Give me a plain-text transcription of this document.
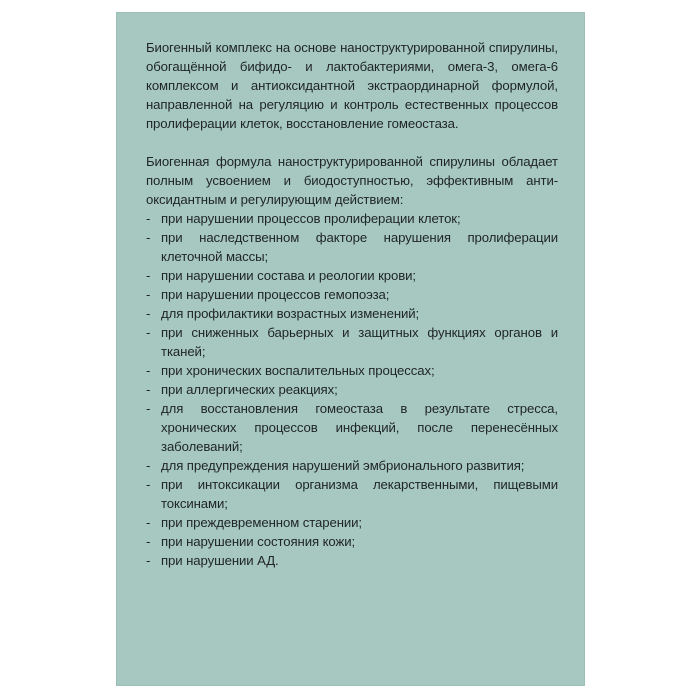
Биогенный комплекс на основе наноструктурированной спирулины, обогащённой бифидо- и лактобактериями, омега-3, омега-6 комплексом и антиоксидантной экстраординарной формулой, направленной на регуляцию и контроль естественных процессов пролиферации клеток, восстановление гомеостаза.

Биогенная формула наноструктурированной спирулины обладает полным усвоением и биодоступностью, эффективным анти-оксидантным и регулирующим действием:

- при нарушении процессов пролиферации клеток;
- при наследственном факторе нарушения пролиферации клеточной массы;
- при нарушении состава и реологии крови;
- при нарушении процессов гемопоэза;
- для профилактики возрастных изменений;
- при сниженных барьерных и защитных функциях органов и тканей;
- при хронических воспалительных процессах;
- при аллергических реакциях;
- для восстановления гомеостаза в результате стресса, хронических процессов инфекций, после перенесённых заболеваний;
- для предупреждения нарушений эмбрионального развития;
- при интоксикации организма лекарственными, пищевыми токсинами;
- при преждевременном старении;
- при нарушении состояния кожи;
- при нарушении АД.
